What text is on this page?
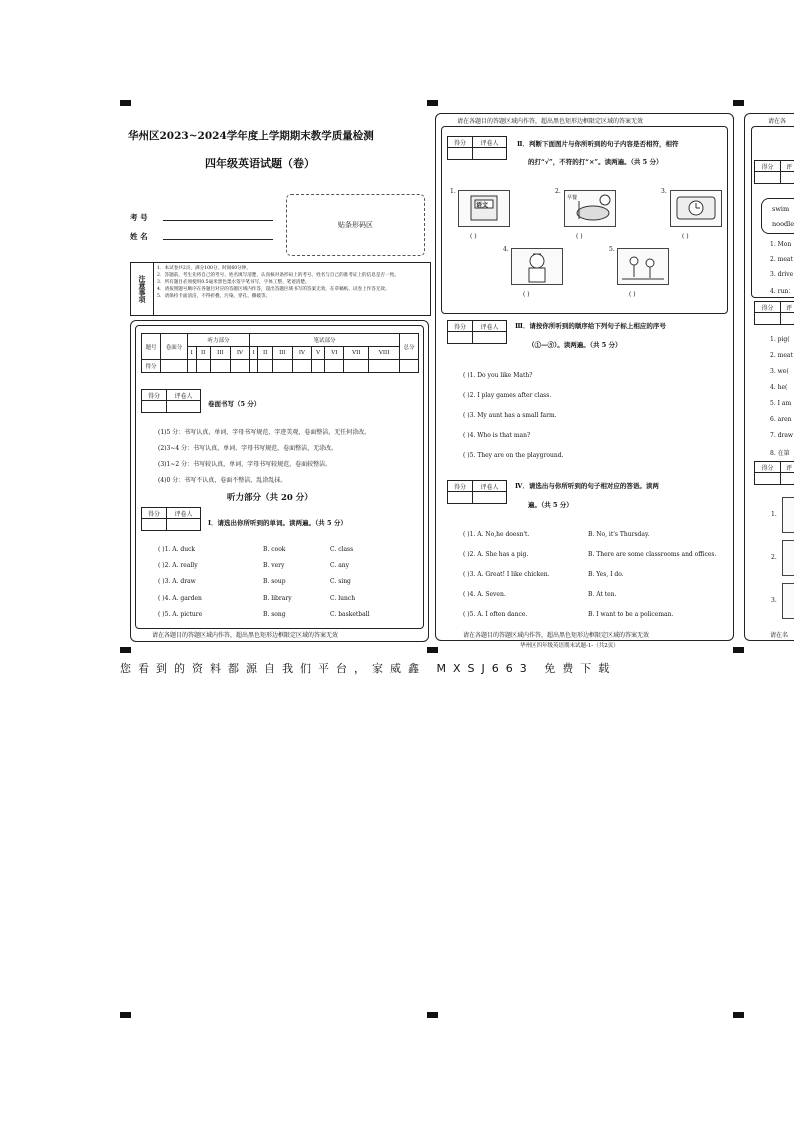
华州区2023~2024学年度上学期期末教学质量检测
四年级英语试题（卷）
考 号
姓 名
贴条形码区
注意事项
1．本试卷共2页，满分100分，时间60分钟。
2．答题前，考生先将自己的考号、姓名填写清楚，认真核对条形码上的考号、姓名与自己的准考证上的信息是否一致。
3．所有题目必须使用0.5毫米黑色墨水签字笔书写，字体工整、笔迹清楚。
4．请按照题号顺序在各题目对应的答题区域内作答，超出答题区域书写的答案无效，在草稿纸、试卷上作答无效。
5．请保持卡面清洁，不得折叠、污染、穿孔、撕破等。
题号	卷面分	听力部分				笔试部分								总分
		I	II	III	IV	I	II	III	IV	V	VI	VII	VIII	
得分														
得分	评卷人

卷面书写（5 分）
(1)5 分：书写认真，单词、字母书写规范，字迹美观，卷面整洁，无任何涂改。
(2)3~4 分：书写认真，单词、字母书写规范，卷面整洁，无涂改。
(3)1~2 分：书写较认真，单词、字母书写较规范，卷面较整洁。
(4)0 分：书写不认真，卷面不整洁，乱涂乱抹。
听力部分（共 20 分）
得分	评卷人

Ⅰ．请选出你所听到的单词。读两遍。（共 5 分）
( )1. A. duck	B. cook	C. class
( )2. A. really	B. very	C. any
( )3. A. draw	B. soup	C. sing
( )4. A. garden	B. library	C. lunch
( )5. A. picture	B. song	C. basketball
请在各题目的答题区域内作答，超出黑色矩形边框限定区域的答案无效
请在各题目的答题区域内作答，超出黑色矩形边框限定区域的答案无效
得分	评卷人
		Ⅱ．判断下面图片与你所听到的句子内容是否相符，相符
的打“√”，不符的打“×”。读两遍。（共 5 分）
1.
语文
( )
2.
早餐
( )
3.
( )
4.
( )
5.
( )
得分	评卷人
		Ⅲ．请按你所听到的顺序给下列句子标上相应的序号
（①—⑤）。读两遍。（共 5 分）
( )1. Do you like Math?
( )2. I play games after class.
( )3. My aunt has a small farm.
( )4. Who is that man?
( )5. They are on the playground.
得分	评卷人
		Ⅳ．请选出与你所听到的句子相对应的答语。读两
遍。（共 5 分）
( )1. A. No,he doesn't.	B. No, it's Thursday.
( )2. A. She has a pig.	B. There are some classrooms and offices.
( )3. A. Great! I like chicken.	B. Yes, I do.
( )4. A. Seven.	B. At ten.
( )5. A. I often dance.	B. I want to be a policeman.
请在各题目的答题区域内作答，超出黑色矩形边框限定区域的答案无效
华州区四年级英语期末试题-1-（共2页）
请在各
得分	评

swim
noodle
1. Mon
2. meat
3. drive
4. run：
得分	评

1. pig(
2. meat
3. we(
4. he(
5. I am
6. aren
7. draw
8. 在第
得分	评

1.
2.
3.
请在名
您看到的资料都源自我们平台，家威鑫 MXSJ663 免费下载
